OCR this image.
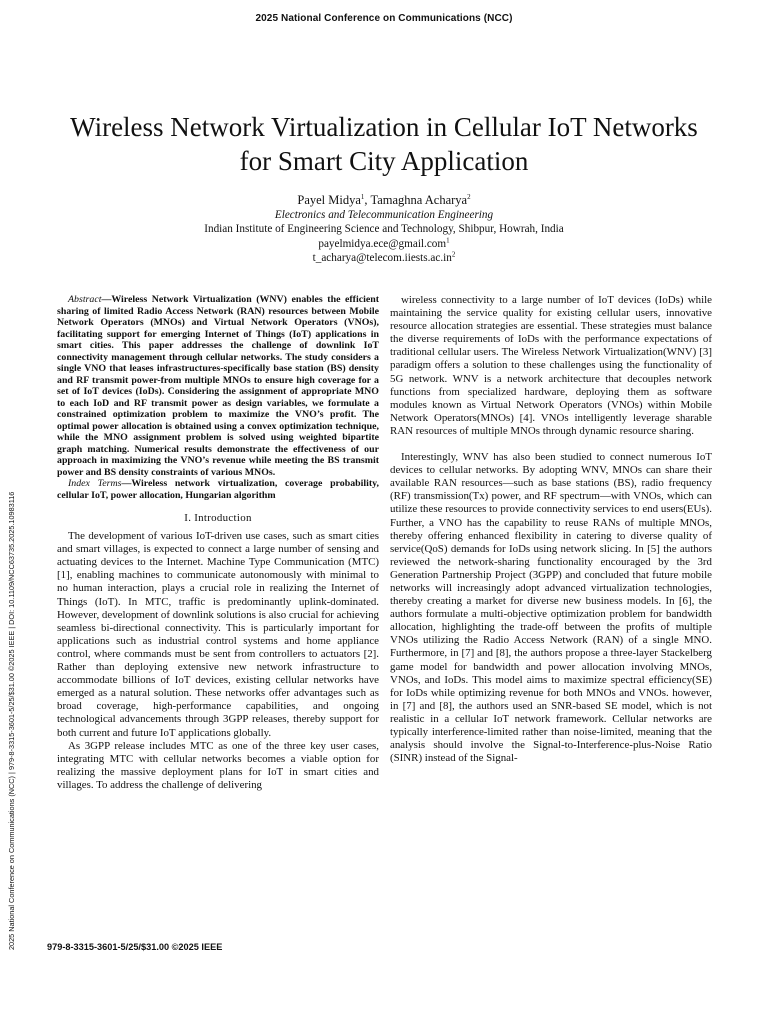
2025 National Conference on Communications (NCC)
2025 National Conference on Communications (NCC) | 979-8-3315-3601-5/25/$31.00 ©2025 IEEE | DOI: 10.1109/NCC63735.2025.10983116
Wireless Network Virtualization in Cellular IoT Networks for Smart City Application
Payel Midya$^1$, Tamaghna Acharya$^2$
Electronics and Telecommunication Engineering
Indian Institute of Engineering Science and Technology, Shibpur, Howrah, India
payelmidya.ece@gmail.com$^1$
$t\_acharya@telecom.iiests.ac.in^2$

Abstract—Wireless Network Virtualization (WNV) enables the efficient sharing of limited Radio Access Network (RAN) resources between Mobile Network Operators (MNOs) and Virtual Network Operators (VNOs), facilitating support for emerging Internet of Things (IoT) applications in smart cities. This paper addresses the challenge of downlink IoT connectivity management through cellular networks. The study considers a single VNO that leases infrastructures-specifically base station (BS) density and RF transmit power-from multiple MNOs to ensure high coverage for a set of IoT devices (IoDs). Considering the assignment of appropriate MNO to each IoD and RF transmit power as design variables, we formulate a constrained optimization problem to maximize the VNO’s profit. The optimal power allocation is obtained using a convex optimization technique, while the MNO assignment problem is solved using weighted bipartite graph matching. Numerical results demonstrate the effectiveness of our approach in maximizing the VNO’s revenue while meeting the BS transmit power and BS density constraints of various MNOs.

Index Terms—Wireless network virtualization, coverage probability, cellular IoT, power allocation, Hungarian algorithm

I. Introduction

The development of various IoT-driven use cases, such as smart cities and smart villages, is expected to connect a large number of sensing and actuating devices to the Internet. Machine Type Communication (MTC) [1], enabling machines to communicate autonomously with minimal to no human interaction, plays a crucial role in realizing the Internet of Things (IoT). In MTC, traffic is predominantly uplink-dominated. However, development of downlink solutions is also crucial for achieving seamless bi-directional connectivity. This is particularly important for applications such as industrial control systems and home appliance control, where commands must be sent from controllers to actuators [2]. Rather than deploying extensive new network infrastructure to accommodate billions of IoT devices, existing cellular networks have emerged as a natural solution. These networks offer advantages such as broad coverage, high-performance capabilities, and ongoing technological advancements through 3GPP releases, thereby support for both current and future IoT applications globally.

As 3GPP release includes MTC as one of the three key user cases, integrating MTC with cellular networks becomes a viable option for realizing the massive deployment plans for IoT in smart cities and villages. To address the challenge of delivering

wireless connectivity to a large number of IoT devices (IoDs) while maintaining the service quality for existing cellular users, innovative resource allocation strategies are essential. These strategies must balance the diverse requirements of IoDs with the performance expectations of traditional cellular users. The Wireless Network Virtualization(WNV) [3] paradigm offers a solution to these challenges using the functionality of 5G network. WNV is a network architecture that decouples network functions from specialized hardware, deploying them as software modules known as Virtual Network Operators (VNOs) within Mobile Network Operators(MNOs) [4]. VNOs intelligently leverage sharable RAN resources of multiple MNOs through dynamic resource sharing.

Interestingly, WNV has also been studied to connect numerous IoT devices to cellular networks. By adopting WNV, MNOs can share their available RAN resources—such as base stations (BS), radio frequency (RF) transmission(Tx) power, and RF spectrum—with VNOs, which can utilize these resources to provide connectivity services to end users(EUs). Further, a VNO has the capability to reuse RANs of multiple MNOs, thereby offering enhanced flexibility in catering to diverse quality of service(QoS) demands for IoDs using network slicing. In [5] the authors reviewed the network-sharing functionality encouraged by the 3rd Generation Partnership Project (3GPP) and concluded that future mobile networks will increasingly adopt advanced virtualization technologies, thereby creating a market for diverse new business models. In [6], the authors formulate a multi-objective optimization problem for bandwidth allocation, highlighting the trade-off between the profits of multiple VNOs utilizing the Radio Access Network (RAN) of a single MNO. Furthermore, in [7] and [8], the authors propose a three-layer Stackelberg game model for bandwidth and power allocation involving MNOs, VNOs, and IoDs. This model aims to maximize spectral efficiency(SE) for IoDs while optimizing revenue for both MNOs and VNOs. however, in [7] and [8], the authors used an SNR-based SE model, which is not realistic in a cellular IoT network framework. Cellular networks are typically interference-limited rather than noise-limited, meaning that the analysis should involve the Signal-to-Interference-plus-Noise Ratio (SINR) instead of the Signal-

979-8-3315-3601-5/25/$31.00 ©2025 IEEE
